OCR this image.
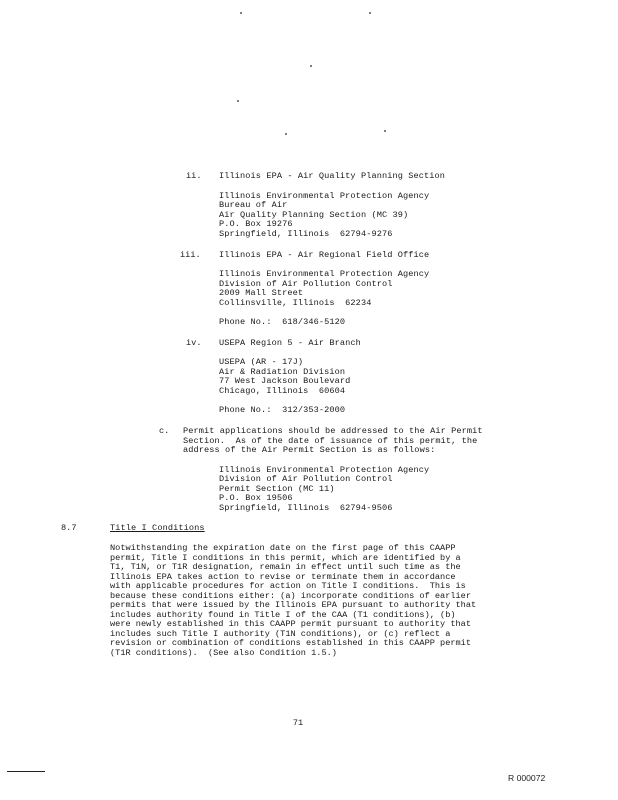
ii. Illinois EPA - Air Quality Planning Section
Illinois Environmental Protection Agency
Bureau of Air
Air Quality Planning Section (MC 39)
P.O. Box 19276
Springfield, Illinois  62794-9276
iii. Illinois EPA - Air Regional Field Office
Illinois Environmental Protection Agency
Division of Air Pollution Control
2009 Mall Street
Collinsville, Illinois  62234
Phone No.:  618/346-5120
iv. USEPA Region 5 - Air Branch
USEPA (AR - 17J)
Air & Radiation Division
77 West Jackson Boulevard
Chicago, Illinois  60604
Phone No.:  312/353-2000
c. Permit applications should be addressed to the Air Permit
Section.  As of the date of issuance of this permit, the
address of the Air Permit Section is as follows:
Illinois Environmental Protection Agency
Division of Air Pollution Control
Permit Section (MC 11)
P.O. Box 19506
Springfield, Illinois  62794-9506
8.7	Title I Conditions
Notwithstanding the expiration date on the first page of this CAAPP
permit, Title I conditions in this permit, which are identified by a
T1, T1N, or T1R designation, remain in effect until such time as the
Illinois EPA takes action to revise or terminate them in accordance
with applicable procedures for action on Title I conditions.  This is
because these conditions either: (a) incorporate conditions of earlier
permits that were issued by the Illinois EPA pursuant to authority that
includes authority found in Title I of the CAA (T1 conditions), (b)
were newly established in this CAAPP permit pursuant to authority that
includes such Title I authority (T1N conditions), or (c) reflect a
revision or combination of conditions established in this CAAPP permit
(T1R conditions).  (See also Condition 1.5.)
71
R 000072
